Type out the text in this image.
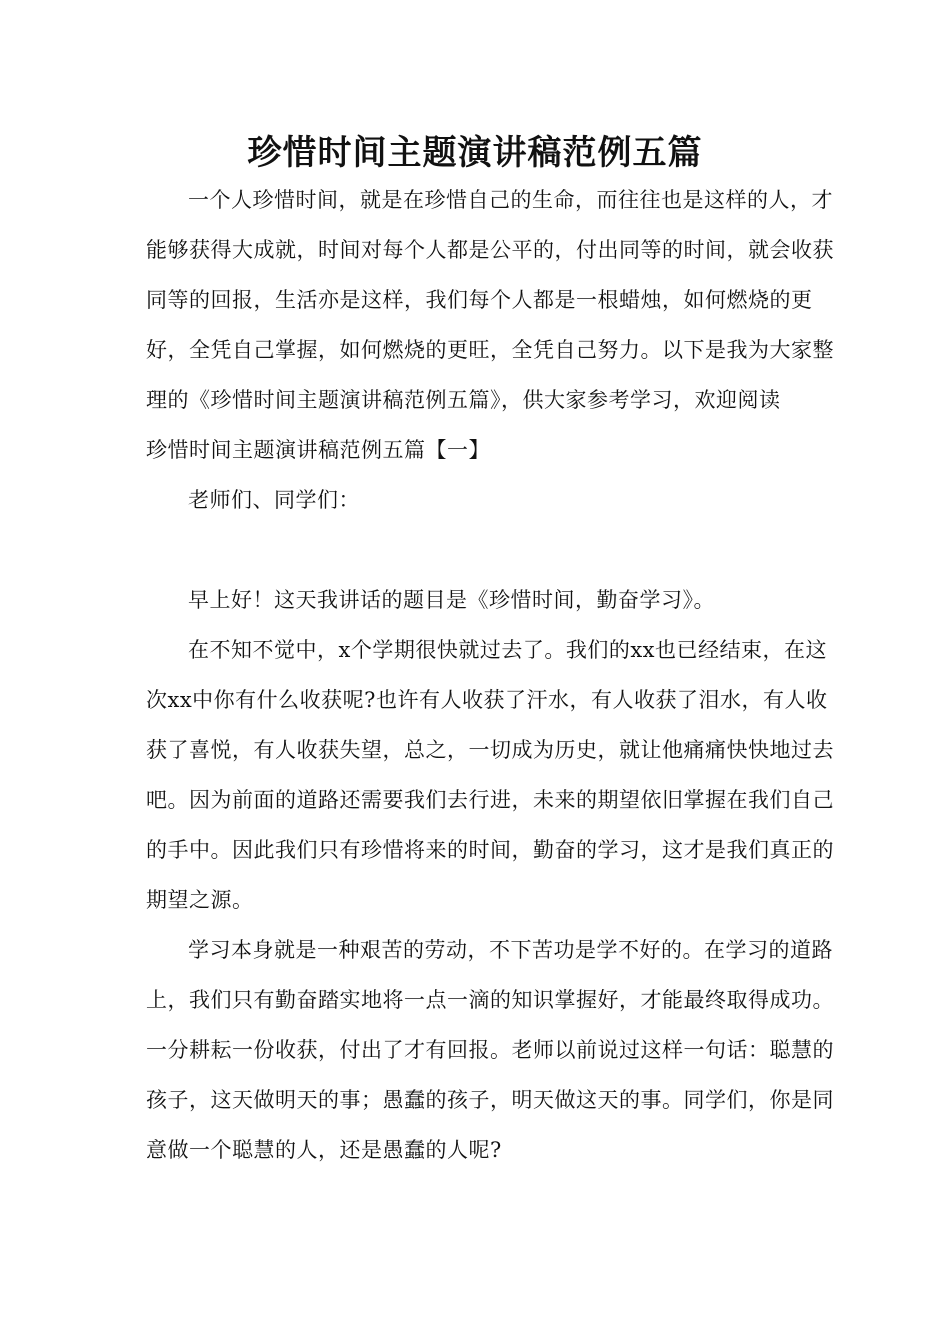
珍惜时间主题演讲稿范例五篇

一个人珍惜时间，就是在珍惜自己的生命，而往往也是这样的人，才能够获得大成就，时间对每个人都是公平的，付出同等的时间，就会收获同等的回报，生活亦是这样，我们每个人都是一根蜡烛，如何燃烧的更好，全凭自己掌握，如何燃烧的更旺，全凭自己努力。以下是我为大家整理的《珍惜时间主题演讲稿范例五篇》，供大家参考学习，欢迎阅读

珍惜时间主题演讲稿范例五篇【一】

老师们、同学们：

早上好！这天我讲话的题目是《珍惜时间，勤奋学习》。

在不知不觉中，x个学期很快就过去了。我们的xx也已经结束，在这次xx中你有什么收获呢?也许有人收获了汗水，有人收获了泪水，有人收获了喜悦，有人收获失望，总之，一切成为历史，就让他痛痛快快地过去吧。因为前面的道路还需要我们去行进，未来的期望依旧掌握在我们自己的手中。因此我们只有珍惜将来的时间，勤奋的学习，这才是我们真正的期望之源。

学习本身就是一种艰苦的劳动，不下苦功是学不好的。在学习的道路上，我们只有勤奋踏实地将一点一滴的知识掌握好，才能最终取得成功。一分耕耘一份收获，付出了才有回报。老师以前说过这样一句话：聪慧的孩子，这天做明天的事；愚蠢的孩子，明天做这天的事。同学们，你是同意做一个聪慧的人，还是愚蠢的人呢?
